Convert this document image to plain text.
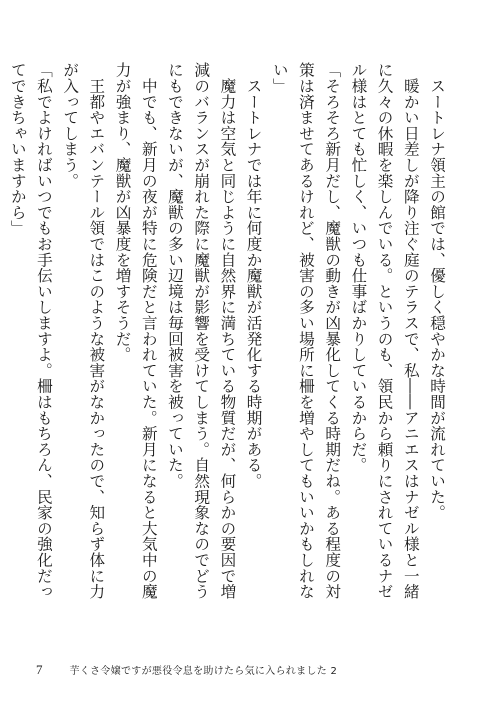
　スートレナ領主の館では、優しく穏やかな時間が流れていた。

　暖かい日差しが降り注ぐ庭のテラスで、私――アニエスはナゼル様と一緒に久々の休暇を楽しんでいる。というのも、領民から頼りにされているナゼル様はとても忙しく、いつも仕事ばかりしているからだ。

「そろそろ新月だし、魔獣の動きが凶暴化してくる時期だね。ある程度の対策は済ませてあるけれど、被害の多い場所に柵を増やしてもいいかもしれない」

　スートレナでは年に何度か魔獣が活発化する時期がある。

　魔力は空気と同じように自然界に満ちている物質だが、何らかの要因で増減のバランスが崩れた際に魔獣が影響を受けてしまう。自然現象なのでどうにもできないが、魔獣の多い辺境は毎回被害を被っていた。

　中でも、新月の夜が特に危険だと言われていた。新月になると大気中の魔力が強まり、魔獣が凶暴度を増すそうだ。

　王都やエバンテール領ではこのような被害がなかったので、知らず体に力が入ってしまう。

「私でよければいつでもお手伝いしますよ。柵はもちろん、民家の強化だってできちゃいますから」

7	芋くさ令嬢ですが悪役令息を助けたら気に入られました 2
